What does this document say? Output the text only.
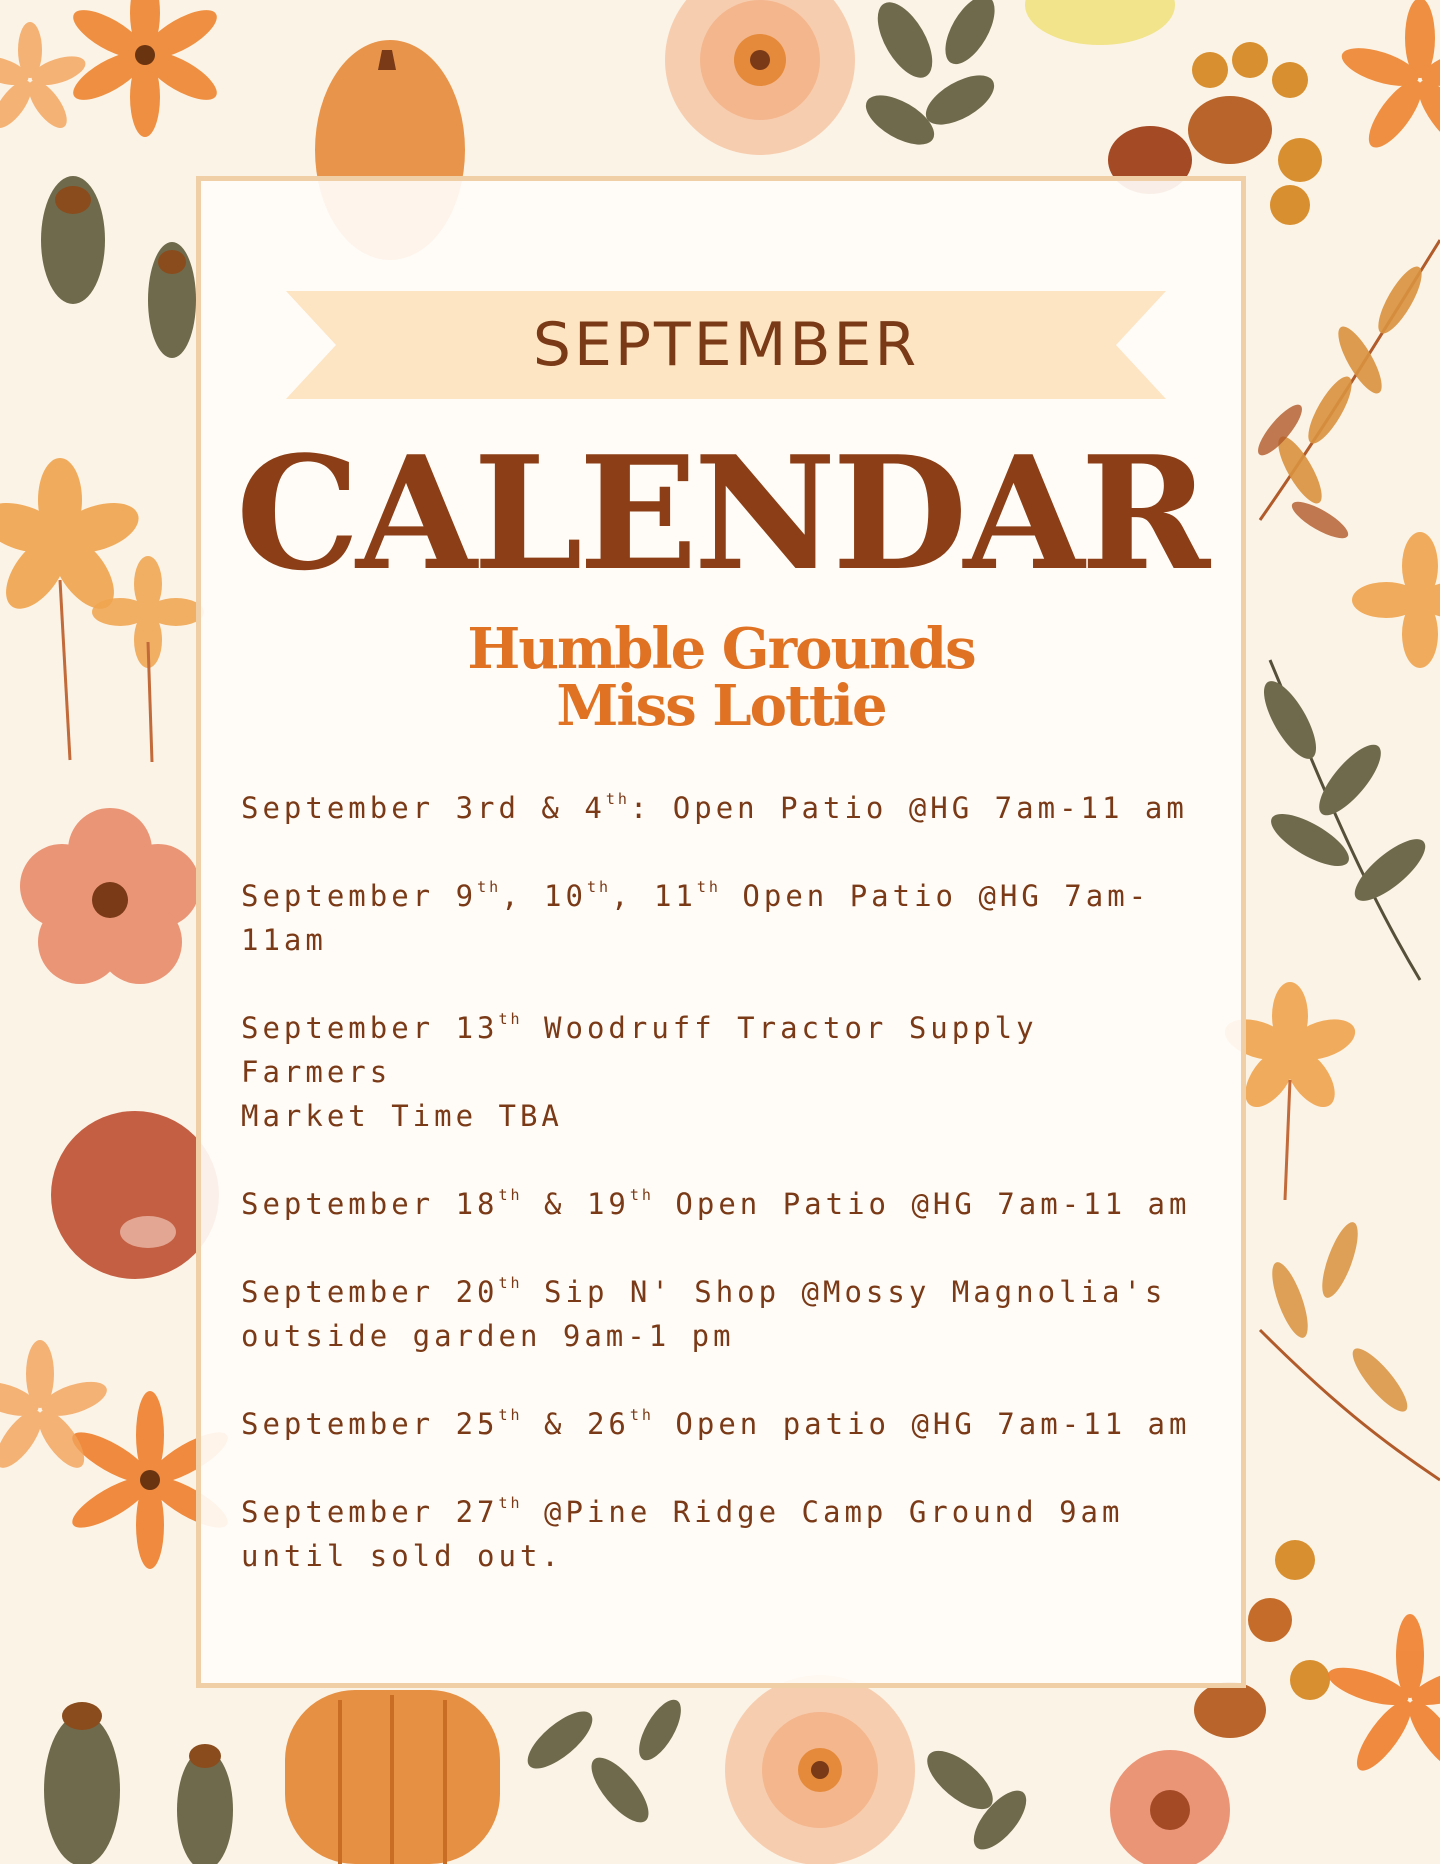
SEPTEMBER
CALENDAR
Humble Grounds
Miss Lottie
September 3rd & 4th: Open Patio @HG 7am-11 am
September 9th, 10th, 11th Open Patio @HG 7am-
11am
September 13th Woodruff Tractor Supply
Farmers
Market Time TBA
September 18th & 19th Open Patio @HG 7am-11 am
September 20th Sip N' Shop @Mossy Magnolia's
outside garden 9am-1 pm
September 25th & 26th Open patio @HG 7am-11 am
September 27th @Pine Ridge Camp Ground 9am
until sold out.
